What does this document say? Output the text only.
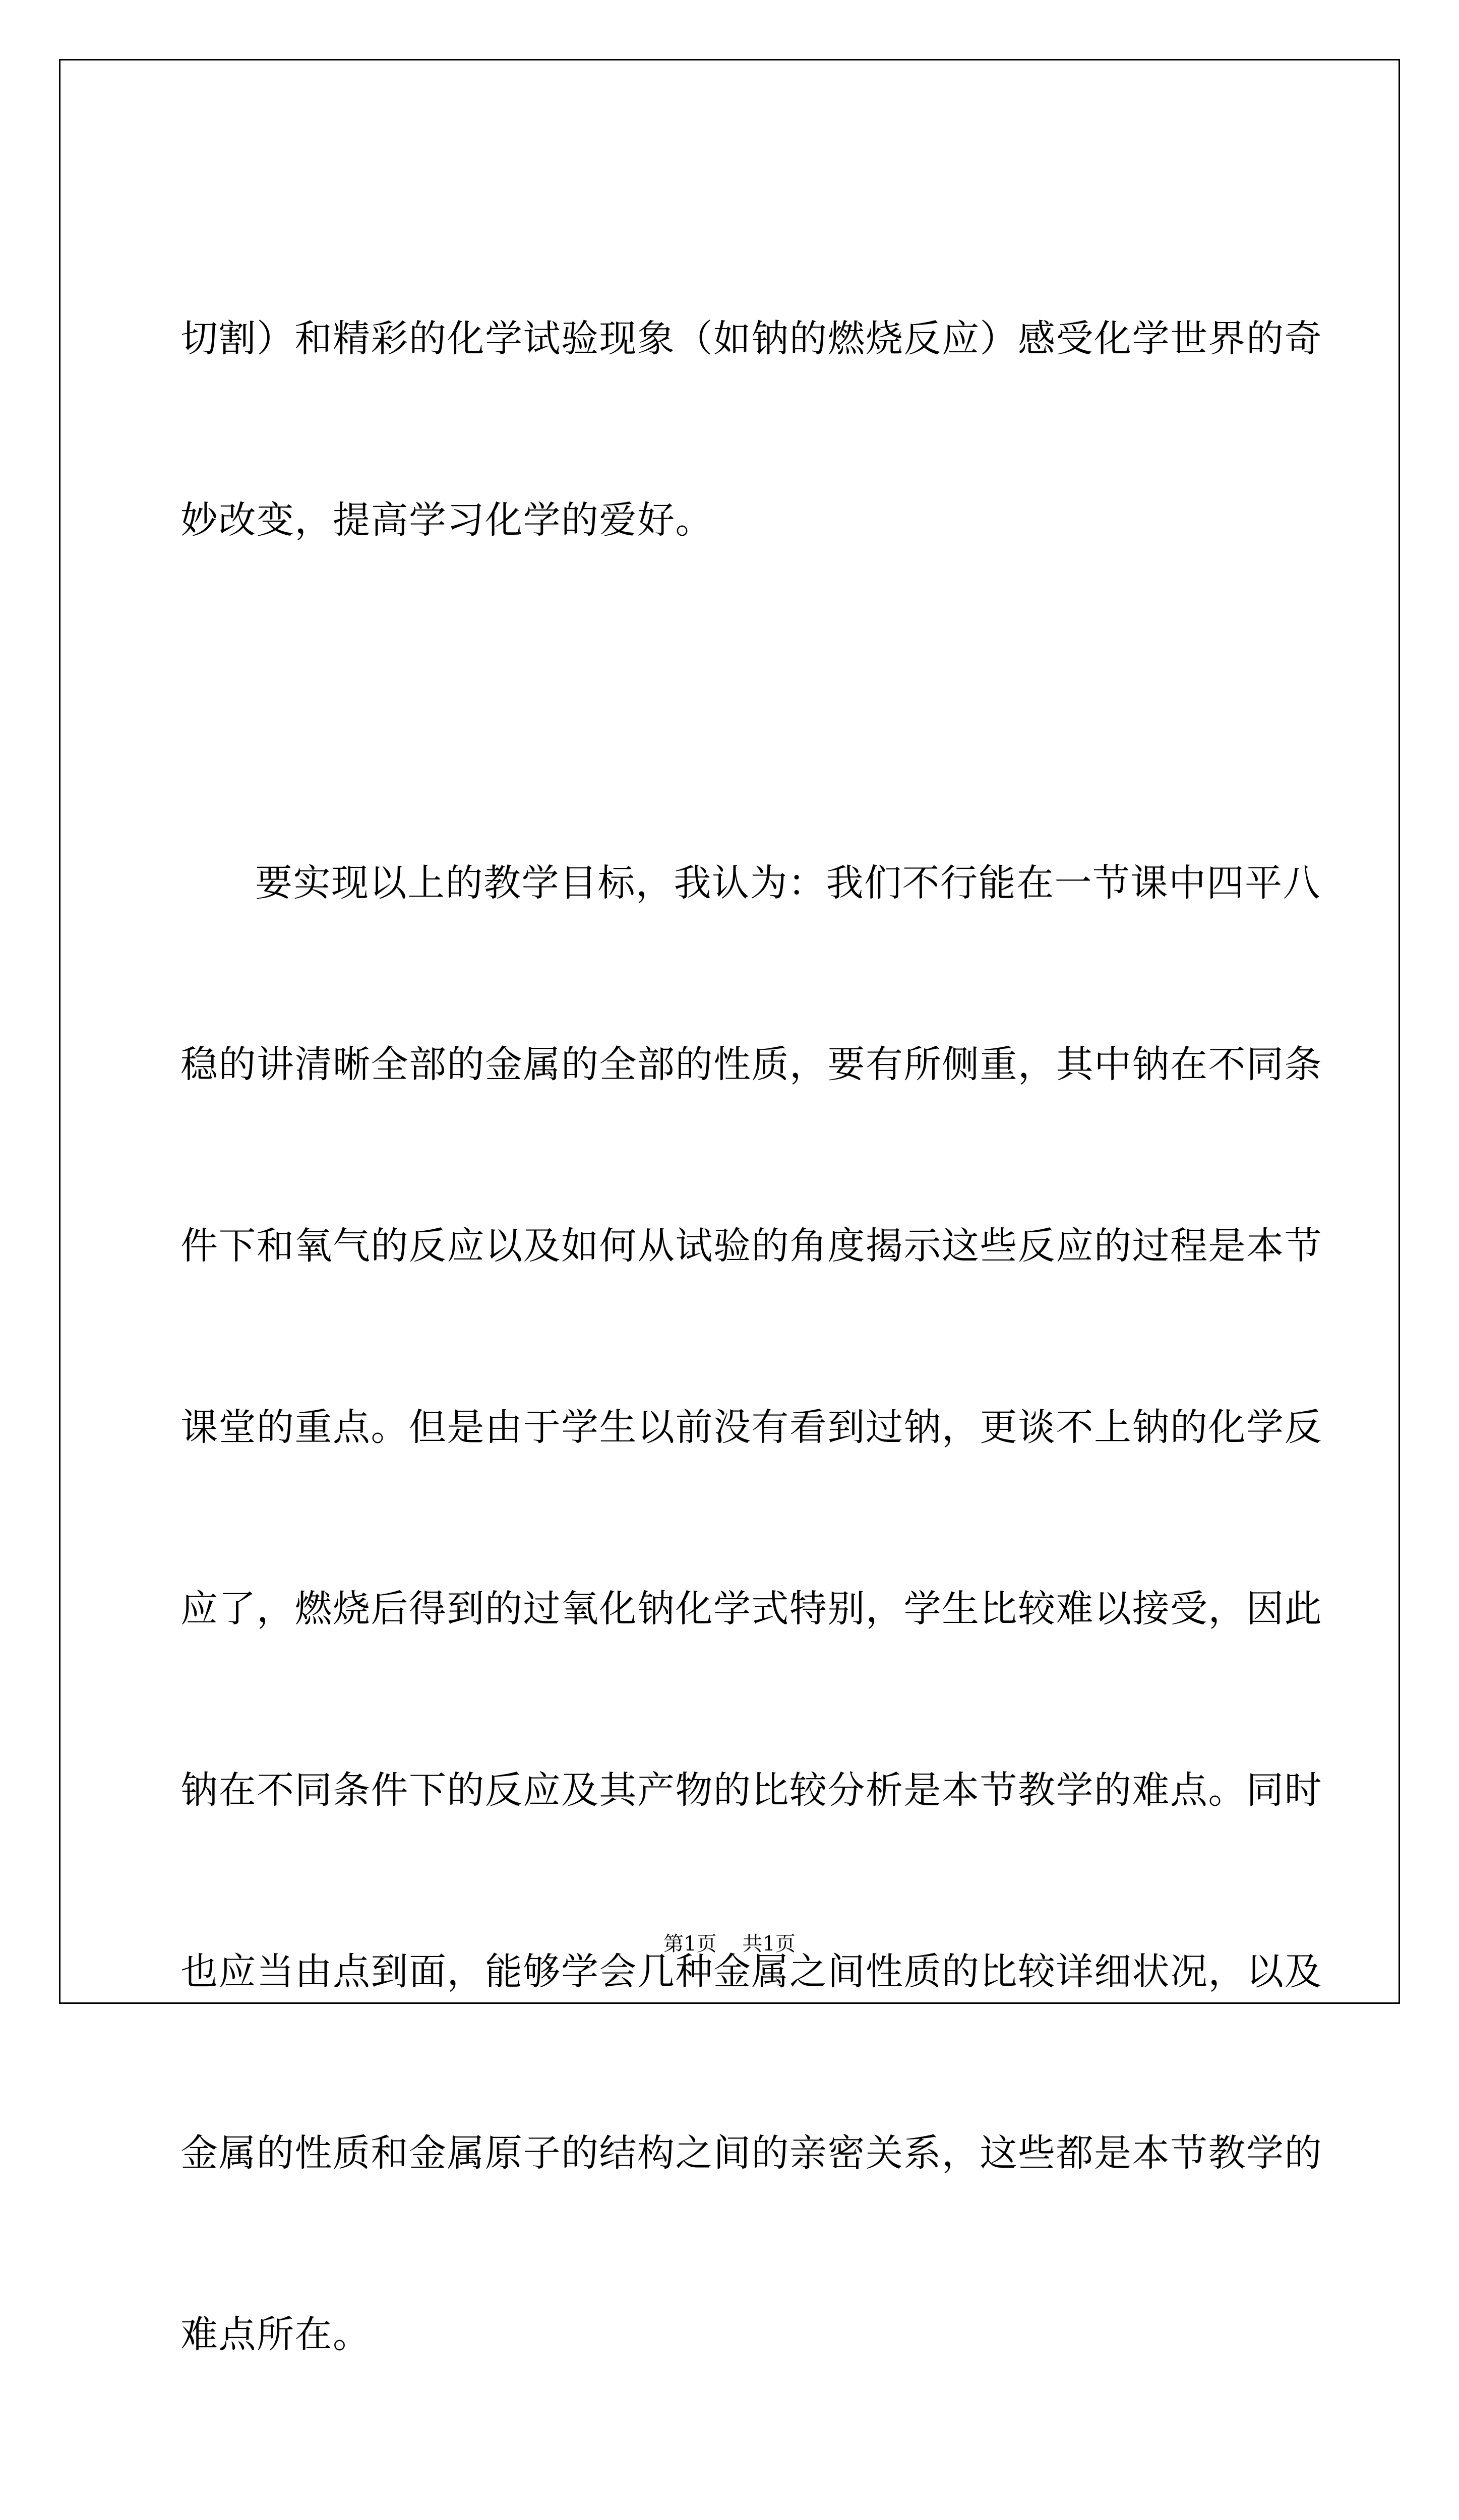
切割）和精彩的化学试验现象（如钠的燃烧反应）感受化学世界的奇

妙改变，提高学习化学的爱好。

要实现以上的教学目标，我认为：我们不行能在一节课中四平八

稳的讲清晰全部的金属的全部的性质，要有所侧重，其中钠在不同条

件下和氧气的反应以及如何从试验的角度揭示这些反应的过程是本节

课堂的重点。但是由于学生以前没有看到过钠，更谈不上钠的化学反

应了，燃烧后得到的过氧化钠化学式特别，学生比较难以接受，因此

钠在不同条件下的反应及其产物的比较分析是本节教学的难点。同时

也应当由点到面，能够学会几种金属之间性质的比较详细状况，以及

金属的性质和金属原子的结构之间的亲密关系，这些都是本节教学的

难点所在。

第1页    共1页
